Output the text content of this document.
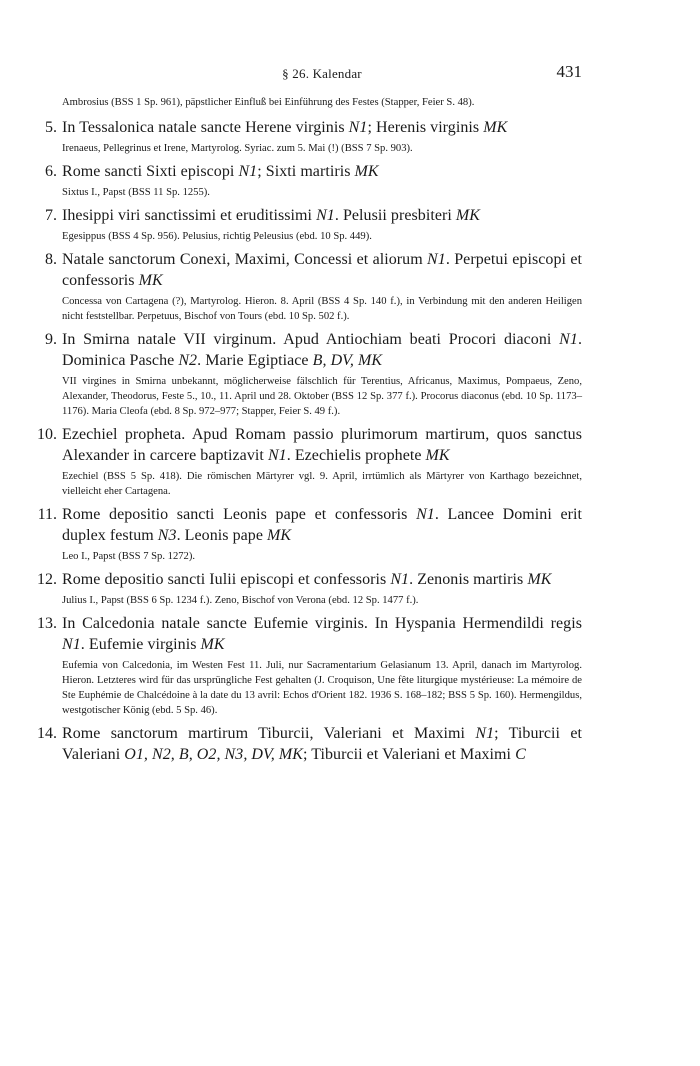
§ 26. Kalendar	431
Ambrosius (BSS 1 Sp. 961), päpstlicher Einfluß bei Einführung des Festes (Stapper, Feier S. 48).
5. In Tessalonica natale sancte Herene virginis N1; Herenis virginis MK
Irenaeus, Pellegrinus et Irene, Martyrolog. Syriac. zum 5. Mai (!) (BSS 7 Sp. 903).
6. Rome sancti Sixti episcopi N1; Sixti martiris MK
Sixtus I., Papst (BSS 11 Sp. 1255).
7. Ihesippi viri sanctissimi et eruditissimi N1. Pelusii presbiteri MK
Egesippus (BSS 4 Sp. 956). Pelusius, richtig Peleusius (ebd. 10 Sp. 449).
8. Natale sanctorum Conexi, Maximi, Concessi et aliorum N1. Perpetui episcopi et confessoris MK
Concessa von Cartagena (?), Martyrolog. Hieron. 8. April (BSS 4 Sp. 140 f.), in Verbindung mit den anderen Heiligen nicht feststellbar. Perpetuus, Bischof von Tours (ebd. 10 Sp. 502 f.).
9. In Smirna natale VII virginum. Apud Antiochiam beati Procori diaconi N1. Dominica Pasche N2. Marie Egiptiace B, DV, MK
VII virgines in Smirna unbekannt, möglicherweise fälschlich für Terentius, Africanus, Maximus, Pompaeus, Zeno, Alexander, Theodorus, Feste 5., 10., 11. April und 28. Oktober (BSS 12 Sp. 377 f.). Procorus diaconus (ebd. 10 Sp. 1173–1176). Maria Cleofa (ebd. 8 Sp. 972–977; Stapper, Feier S. 49 f.).
10. Ezechiel propheta. Apud Romam passio plurimorum martirum, quos sanctus Alexander in carcere baptizavit N1. Ezechielis prophete MK
Ezechiel (BSS 5 Sp. 418). Die römischen Märtyrer vgl. 9. April, irrtümlich als Märtyrer von Karthago bezeichnet, vielleicht eher Cartagena.
11. Rome depositio sancti Leonis pape et confessoris N1. Lancee Domini erit duplex festum N3. Leonis pape MK
Leo I., Papst (BSS 7 Sp. 1272).
12. Rome depositio sancti Iulii episcopi et confessoris N1. Zenonis martiris MK
Julius I., Papst (BSS 6 Sp. 1234 f.). Zeno, Bischof von Verona (ebd. 12 Sp. 1477 f.).
13. In Calcedonia natale sancte Eufemie virginis. In Hyspania Hermendildi regis N1. Eufemie virginis MK
Eufemia von Calcedonia, im Westen Fest 11. Juli, nur Sacramentarium Gelasianum 13. April, danach im Martyrolog. Hieron. Letzteres wird für das ursprüngliche Fest gehalten (J. Croquison, Une fête liturgique mystérieuse: La mémoire de Ste Euphémie de Chalcédoine à la date du 13 avril: Echos d'Orient 182. 1936 S. 168–182; BSS 5 Sp. 160). Hermengildus, westgotischer König (ebd. 5 Sp. 46).
14. Rome sanctorum martirum Tiburcii, Valeriani et Maximi N1; Tiburcii et Valeriani O1, N2, B, O2, N3, DV, MK; Tiburcii et Valeriani et Maximi C
